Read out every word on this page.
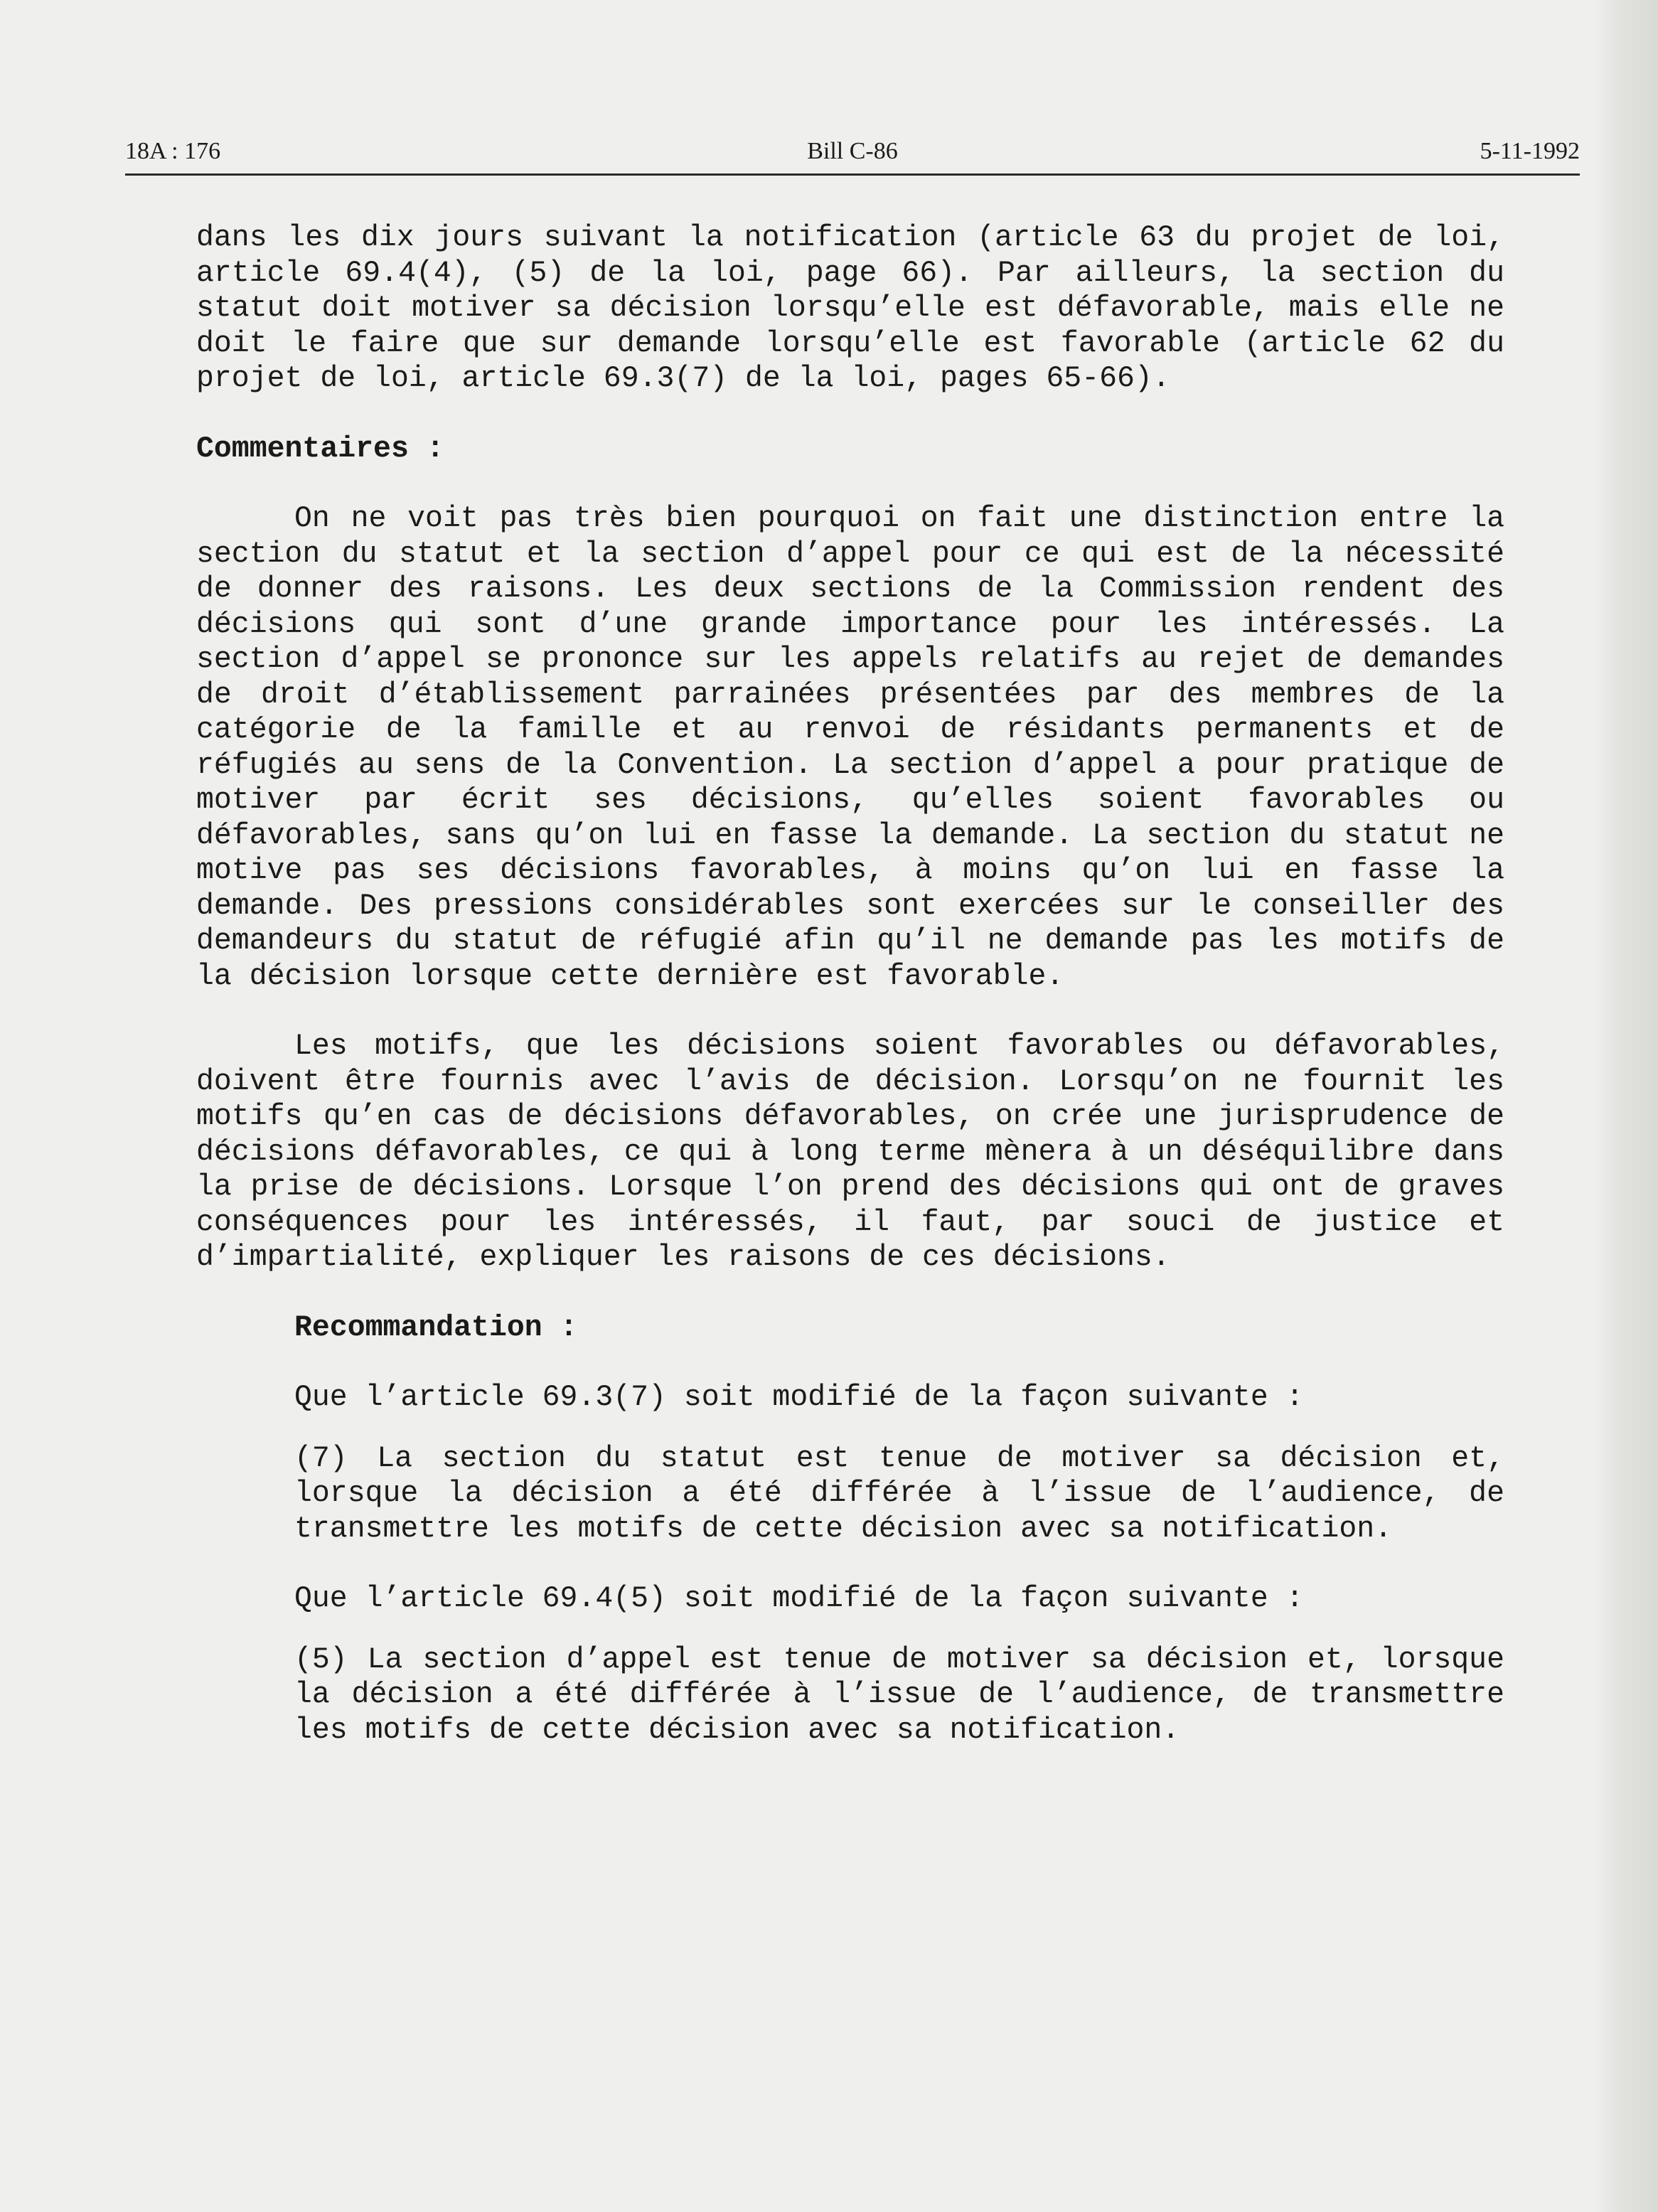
18A : 176	Bill C-86	5-11-1992

dans les dix jours suivant la notification (article 63 du projet de loi, article 69.4(4), (5) de la loi, page 66). Par ailleurs, la section du statut doit motiver sa décision lorsqu’elle est défavorable, mais elle ne doit le faire que sur demande lorsqu’elle est favorable (article 62 du projet de loi, article 69.3(7) de la loi, pages 65-66).

Commentaires :

On ne voit pas très bien pourquoi on fait une distinction entre la section du statut et la section d’appel pour ce qui est de la nécessité de donner des raisons. Les deux sections de la Commission rendent des décisions qui sont d’une grande importance pour les intéressés. La section d’appel se prononce sur les appels relatifs au rejet de demandes de droit d’établissement parrainées présentées par des membres de la catégorie de la famille et au renvoi de résidants permanents et de réfugiés au sens de la Convention. La section d’appel a pour pratique de motiver par écrit ses décisions, qu’elles soient favorables ou défavorables, sans qu’on lui en fasse la demande. La section du statut ne motive pas ses décisions favorables, à moins qu’on lui en fasse la demande. Des pressions considérables sont exercées sur le conseiller des demandeurs du statut de réfugié afin qu’il ne demande pas les motifs de la décision lorsque cette dernière est favorable.

Les motifs, que les décisions soient favorables ou défavorables, doivent être fournis avec l’avis de décision. Lorsqu’on ne fournit les motifs qu’en cas de décisions défavorables, on crée une jurisprudence de décisions défavorables, ce qui à long terme mènera à un déséquilibre dans la prise de décisions. Lorsque l’on prend des décisions qui ont de graves conséquences pour les intéressés, il faut, par souci de justice et d’impartialité, expliquer les raisons de ces décisions.

Recommandation :

Que l’article 69.3(7) soit modifié de la façon suivante :

(7) La section du statut est tenue de motiver sa décision et, lorsque la décision a été différée à l’issue de l’audience, de transmettre les motifs de cette décision avec sa notification.

Que l’article 69.4(5) soit modifié de la façon suivante :

(5) La section d’appel est tenue de motiver sa décision et, lorsque la décision a été différée à l’issue de l’audience, de transmettre les motifs de cette décision avec sa notification.
